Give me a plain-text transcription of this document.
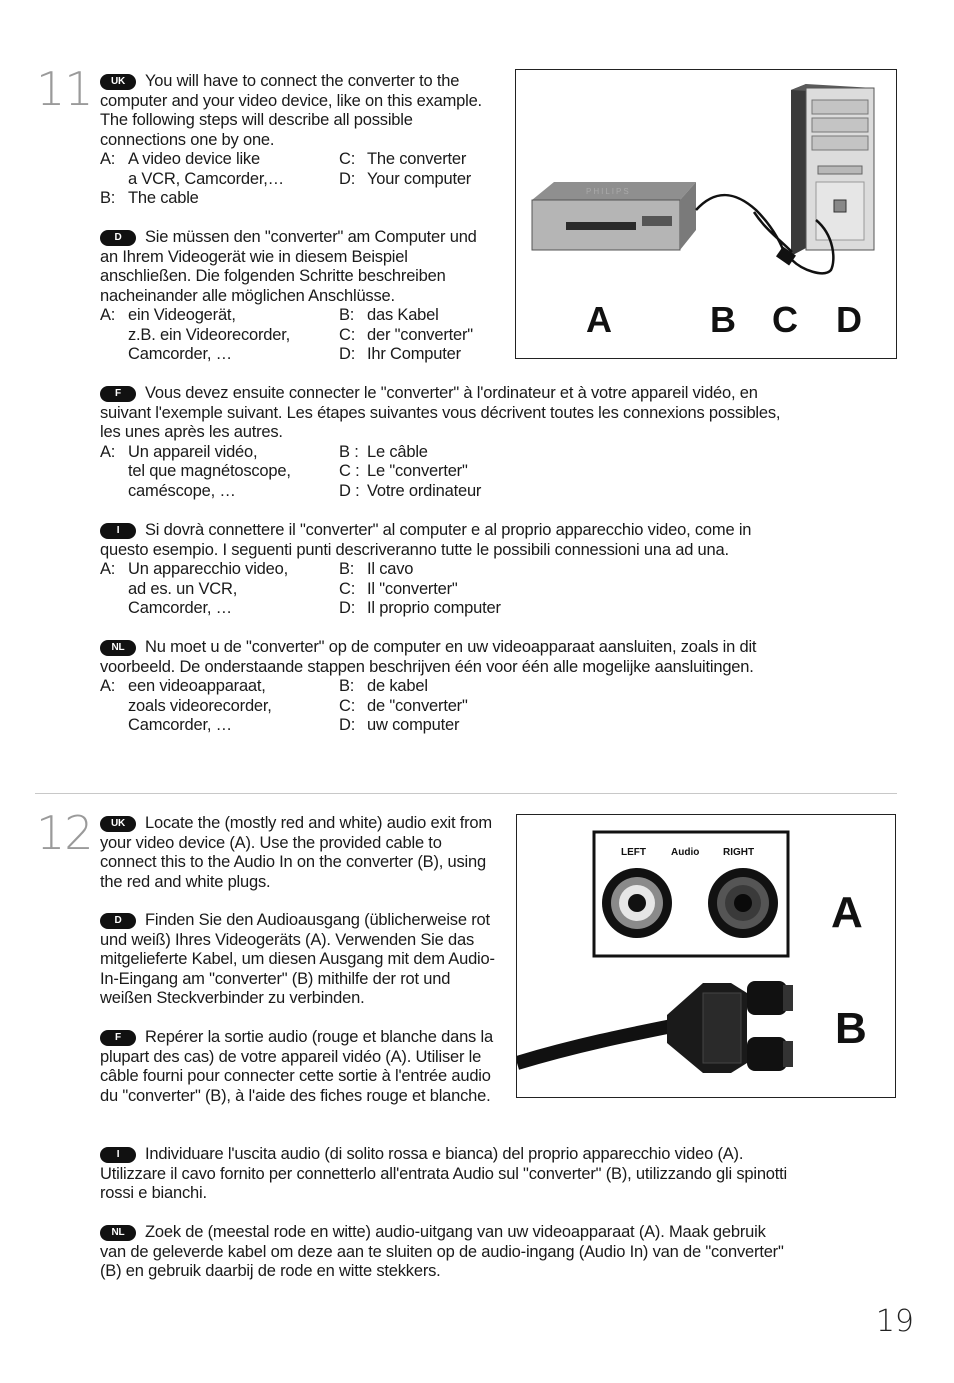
11	UK You will have to connect the converter to the computer and your video device, like on this example. The following steps will describe all possible connections one by one.

A: A video device like	C: The converter
a VCR, Camcorder,…	D: Your computer
B: The cable

D Sie müssen den "converter" am Computer und an Ihrem Videogerät wie in diesem Beispiel anschließen. Die folgenden Schritte beschreiben nacheinander alle möglichen Anschlüsse.

A: ein Videogerät,	B: das Kabel
z.B. ein Videorecorder,	C: der "converter"
Camcorder, …	D: Ihr Computer
PHILIPS
A	B C D

F Vous devez ensuite connecter le "converter" à l'ordinateur et à votre appareil vidéo, en suivant l'exemple suivant. Les étapes suivantes vous décrivent toutes les connexions possibles, les unes après les autres.

A: Un appareil vidéo,	B : Le câble
tel que magnétoscope,	C : Le "converter"
caméscope, …	D : Votre ordinateur

I Si dovrà connettere il "converter" al computer e al proprio apparecchio video, come in questo esempio. I seguenti punti descriveranno tutte le possibili connessioni una ad una.

A: Un apparecchio video,	B: Il cavo
ad es. un VCR,	C: Il "converter"
Camcorder, …	D: Il proprio computer

NL Nu moet u de "converter" op de computer en uw videoapparaat aansluiten, zoals in dit voorbeeld. De onderstaande stappen beschrijven één voor één alle mogelijke aansluitingen.

A: een videoapparaat,	B: de kabel
zoals videorecorder,	C: de "converter"
Camcorder, …	D: uw computer
12	UK Locate the (mostly red and white) audio exit from your video device (A). Use the provided cable to connect this to the Audio In on the converter (B), using the red and white plugs.

D Finden Sie den Audioausgang (üblicherweise rot und weiß) Ihres Videogeräts (A). Verwenden Sie das mitgelieferte Kabel, um diesen Ausgang mit dem Audio-In-Eingang am "converter" (B) mithilfe der rot und weißen Steckverbinder zu verbinden.

F Repérer la sortie audio (rouge et blanche dans la plupart des cas) de votre appareil vidéo (A). Utiliser le câble fourni pour connecter cette sortie à l'entrée audio du "converter" (B), à l'aide des fiches rouge et blanche.

LEFT	Audio RIGHT
A
B

I Individuare l'uscita audio (di solito rossa e bianca) del proprio apparecchio video (A). Utilizzare il cavo fornito per connetterlo all'entrata Audio sul "converter" (B), utilizzando gli spinotti rossi e bianchi.

NL Zoek de (meestal rode en witte) audio-uitgang van uw videoapparaat (A). Maak gebruik van de geleverde kabel om deze aan te sluiten op de audio-ingang (Audio In) van de "converter" (B) en gebruik daarbij de rode en witte stekkers.

19
